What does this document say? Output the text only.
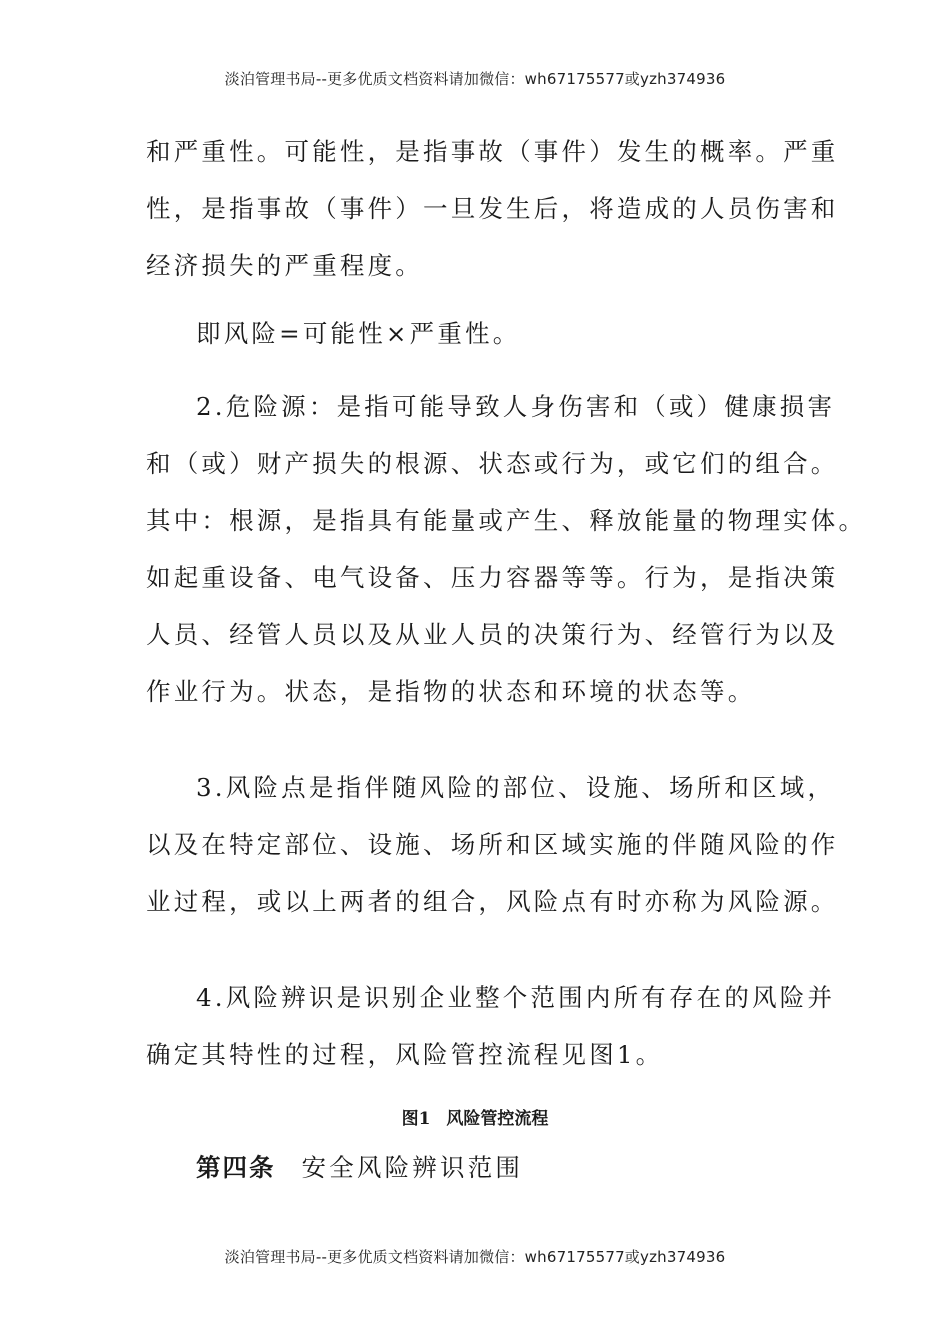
淡泊管理书局--更多优质文档资料请加微信：wh67175577或yzh374936
和严重性。可能性，是指事故（事件）发生的概率。严重
性，是指事故（事件）一旦发生后，将造成的人员伤害和
经济损失的严重程度。
即风险=可能性×严重性。
2.危险源：是指可能导致人身伤害和（或）健康损害
和（或）财产损失的根源、状态或行为，或它们的组合。
其中：根源，是指具有能量或产生、释放能量的物理实体。
如起重设备、电气设备、压力容器等等。行为，是指决策
人员、经管人员以及从业人员的决策行为、经管行为以及
作业行为。状态，是指物的状态和环境的状态等。
3.风险点是指伴随风险的部位、设施、场所和区域，
以及在特定部位、设施、场所和区域实施的伴随风险的作
业过程，或以上两者的组合，风险点有时亦称为风险源。
4.风险辨识是识别企业整个范围内所有存在的风险并
确定其特性的过程，风险管控流程见图1。
图1 风险管控流程
第四条 安全风险辨识范围
淡泊管理书局--更多优质文档资料请加微信：wh67175577或yzh374936
